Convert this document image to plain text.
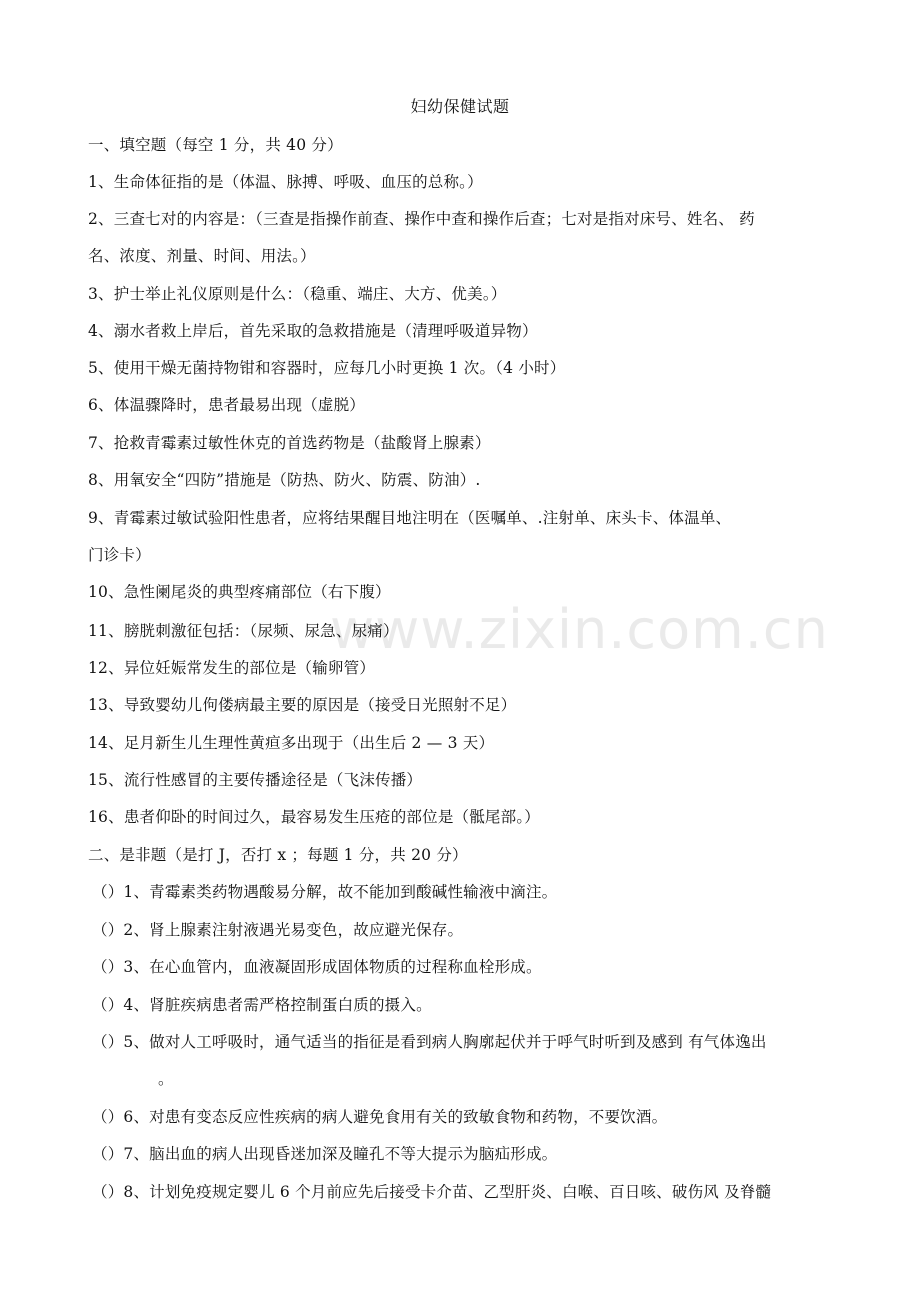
www.zixin.com.cn
妇幼保健试题
一、填空题（每空 1 分，共 40 分）
1、生命体征指的是（体温、脉搏、呼吸、血压的总称。）
2、三查七对的内容是：（三查是指操作前查、操作中查和操作后查；七对是指对床号、姓名、 药
名、浓度、剂量、时间、用法。）
3、护士举止礼仪原则是什么：（稳重、端庄、大方、优美。）
4、溺水者救上岸后，首先采取的急救措施是（清理呼吸道异物）
5、使用干燥无菌持物钳和容器时，应每几小时更换 1 次。（4 小时）
6、体温骤降时，患者最易出现（虚脱）
7、抢救青霉素过敏性休克的首选药物是（盐酸肾上腺素）
8、用氧安全“四防”措施是（防热、防火、防震、防油）.
9、青霉素过敏试验阳性患者，应将结果醒目地注明在（医嘱单、.注射单、床头卡、体温单、
门诊卡）
10、急性阑尾炎的典型疼痛部位（右下腹）
11、膀胱刺激征包括：（尿频、尿急、尿痛）
12、异位妊娠常发生的部位是（输卵管）
13、导致婴幼儿佝偻病最主要的原因是（接受日光照射不足）
14、足月新生儿生理性黄疸多出现于（出生后 2 — 3 天）
15、流行性感冒的主要传播途径是（飞沫传播）
16、患者仰卧的时间过久，最容易发生压疮的部位是（骶尾部。）
二、是非题（是打 J，否打 x ；每题 1 分，共 20 分）
（）1、青霉素类药物遇酸易分解，故不能加到酸碱性输液中滴注。
（）2、肾上腺素注射液遇光易变色，故应避光保存。
（）3、在心血管内，血液凝固形成固体物质的过程称血栓形成。
（）4、肾脏疾病患者需严格控制蛋白质的摄入。
（）5、做对人工呼吸时，通气适当的指征是看到病人胸廓起伏并于呼气时听到及感到 有气体逸出
。
（）6、对患有变态反应性疾病的病人避免食用有关的致敏食物和药物，不要饮酒。
（）7、脑出血的病人出现昏迷加深及瞳孔不等大提示为脑疝形成。
（）8、计划免疫规定婴儿 6 个月前应先后接受卡介苗、乙型肝炎、白喉、百日咳、破伤风 及脊髓
